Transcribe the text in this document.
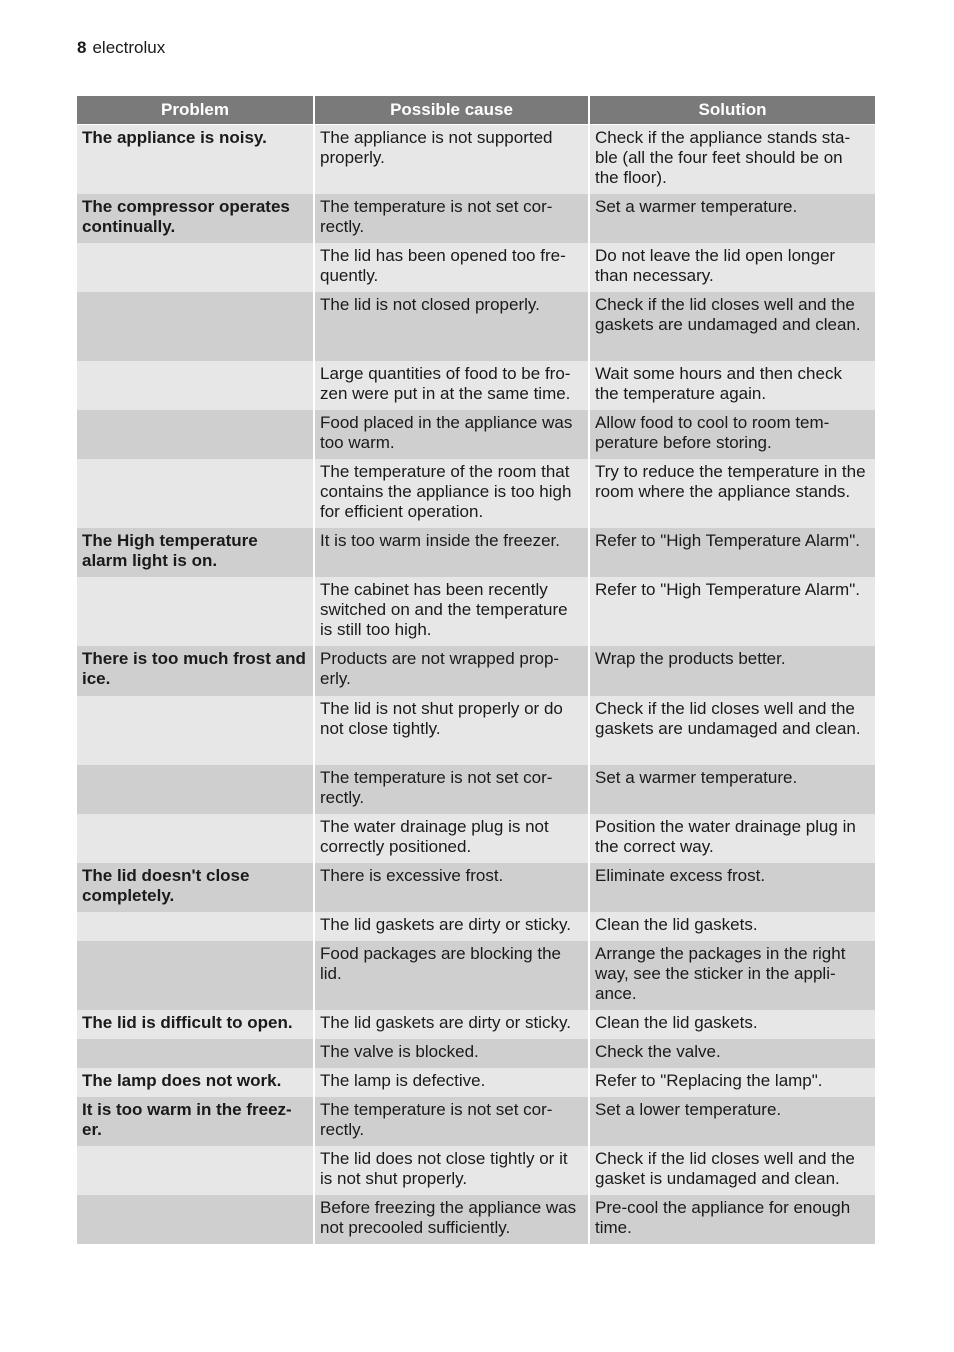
8 electrolux
Problem	Possible cause	Solution
The appliance is noisy.	The appliance is not supported properly.	Check if the appliance stands sta-ble (all the four feet should be on the floor).
The compressor operates continually.	The temperature is not set cor-rectly.	Set a warmer temperature.
	The lid has been opened too fre-quently.	Do not leave the lid open longer than necessary.
	The lid is not closed properly.	Check if the lid closes well and the gaskets are undamaged and clean.
	Large quantities of food to be fro-zen were put in at the same time.	Wait some hours and then check the temperature again.
	Food placed in the appliance was too warm.	Allow food to cool to room tem-perature before storing.
	The temperature of the room that contains the appliance is too high for efficient operation.	Try to reduce the temperature in the room where the appliance stands.
The High temperature alarm light is on.	It is too warm inside the freezer.	Refer to "High Temperature Alarm".
	The cabinet has been recently switched on and the temperature is still too high.	Refer to "High Temperature Alarm".
There is too much frost and ice.	Products are not wrapped prop-erly.	Wrap the products better.
	The lid is not shut properly or do not close tightly.	Check if the lid closes well and the gaskets are undamaged and clean.
	The temperature is not set cor-rectly.	Set a warmer temperature.
	The water drainage plug is not correctly positioned.	Position the water drainage plug in the correct way.
The lid doesn't close completely.	There is excessive frost.	Eliminate excess frost.
	The lid gaskets are dirty or sticky.	Clean the lid gaskets.
	Food packages are blocking the lid.	Arrange the packages in the right way, see the sticker in the appli-ance.
The lid is difficult to open.	The lid gaskets are dirty or sticky.	Clean the lid gaskets.
	The valve is blocked.	Check the valve.
The lamp does not work.	The lamp is defective.	Refer to "Replacing the lamp".
It is too warm in the freez-er.	The temperature is not set cor-rectly.	Set a lower temperature.
	The lid does not close tightly or it is not shut properly.	Check if the lid closes well and the gasket is undamaged and clean.
	Before freezing the appliance was not precooled sufficiently.	Pre-cool the appliance for enough time.
